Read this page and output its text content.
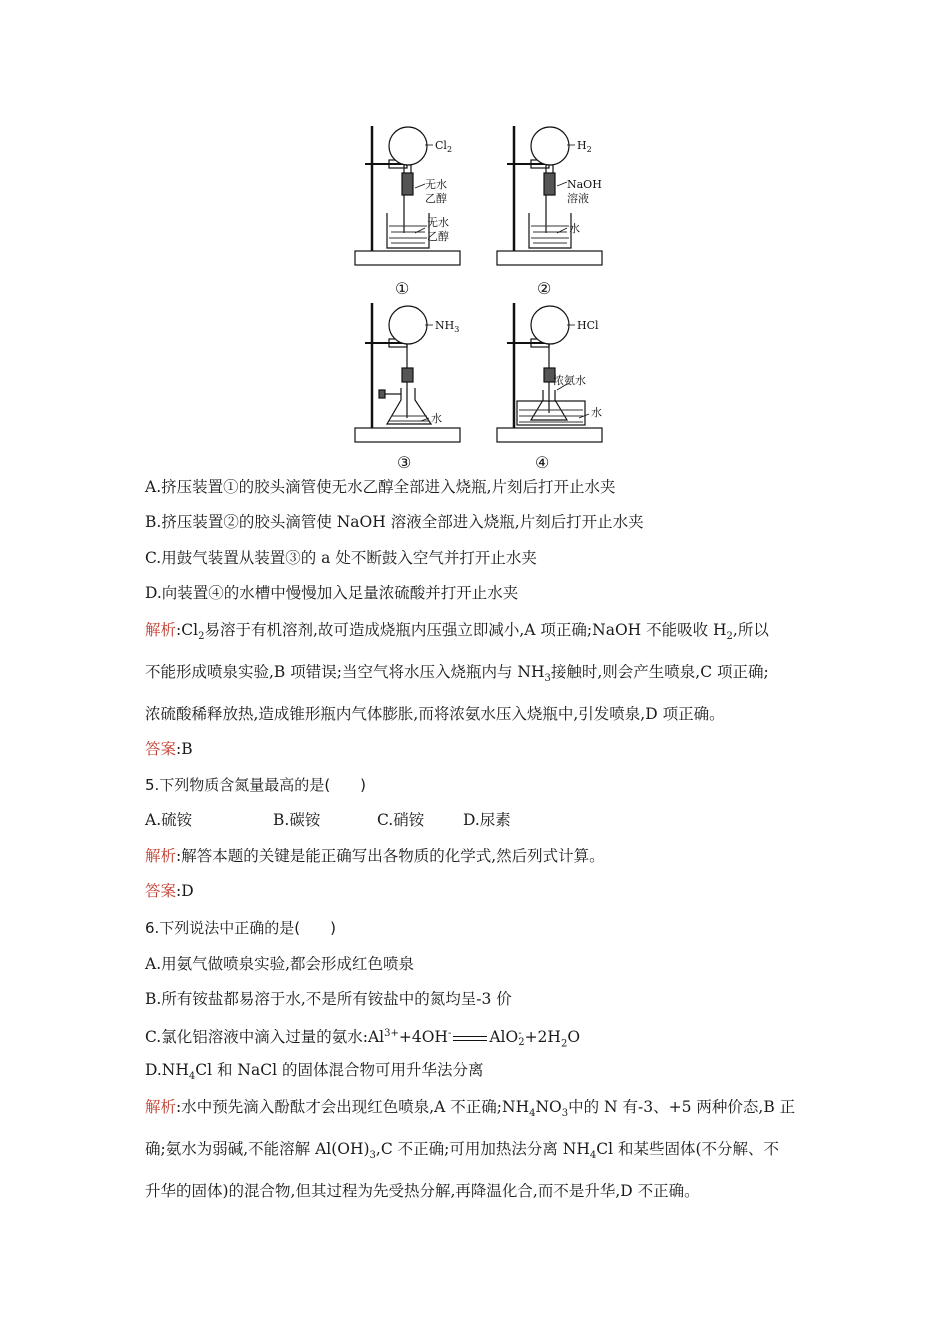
$Cl_2$
无水
乙醇
无水
乙醇
①
$H_2$
NaOH
溶液
水
②
$NH_3$
水
③
HCl
浓氨水
水
④
A.挤压装置①的胶头滴管使无水乙醇全部进入烧瓶,片刻后打开止水夹
B.挤压装置②的胶头滴管使 NaOH 溶液全部进入烧瓶,片刻后打开止水夹
C.用鼓气装置从装置③的 a 处不断鼓入空气并打开止水夹
D.向装置④的水槽中慢慢加入足量浓硫酸并打开止水夹
解析$:Cl_2$易溶于有机溶剂,故可造成烧瓶内压强立即减小,A 项正确;NaOH 不能吸收 $H_2$,所以
不能形成喷泉实验,B 项错误;当空气将水压入烧瓶内与 $NH_3$接触时,则会产生喷泉,C 项正确;
浓硫酸稀释放热,造成锥形瓶内气体膨胀,而将浓氨水压入烧瓶中,引发喷泉,D 项正确。
答案:B
5.下列物质含氮量最高的是(　　)
A.硫铵	B.碳铵	C.硝铵	D.尿素
解析:解答本题的关键是能正确写出各物质的化学式,然后列式计算。
答案:D
6.下列说法中正确的是(　　)
A.用氨气做喷泉实验,都会形成红色喷泉
B.所有铵盐都易溶于水,不是所有铵盐中的氮均呈-3 价
C.氯化铝溶液中滴入过量的氨水$:Al^{3+}+4OH^-$ AlO -
$2 +2H_2O$
$D.NH_4Cl$ 和 NaCl 的固体混合物可用升华法分离
解析:水中预先滴入酚酞才会出现红色喷泉,A 不正确$;NH_4NO_3$中的 N 有-3、+5 两种价态,B 正
确;氨水为弱碱,不能溶解 $Al(OH)_3,C$ 不正确;可用加热法分离 $NH_4Cl$ 和某些固体(不分解、不
升华的固体)的混合物,但其过程为先受热分解,再降温化合,而不是升华,D 不正确。
